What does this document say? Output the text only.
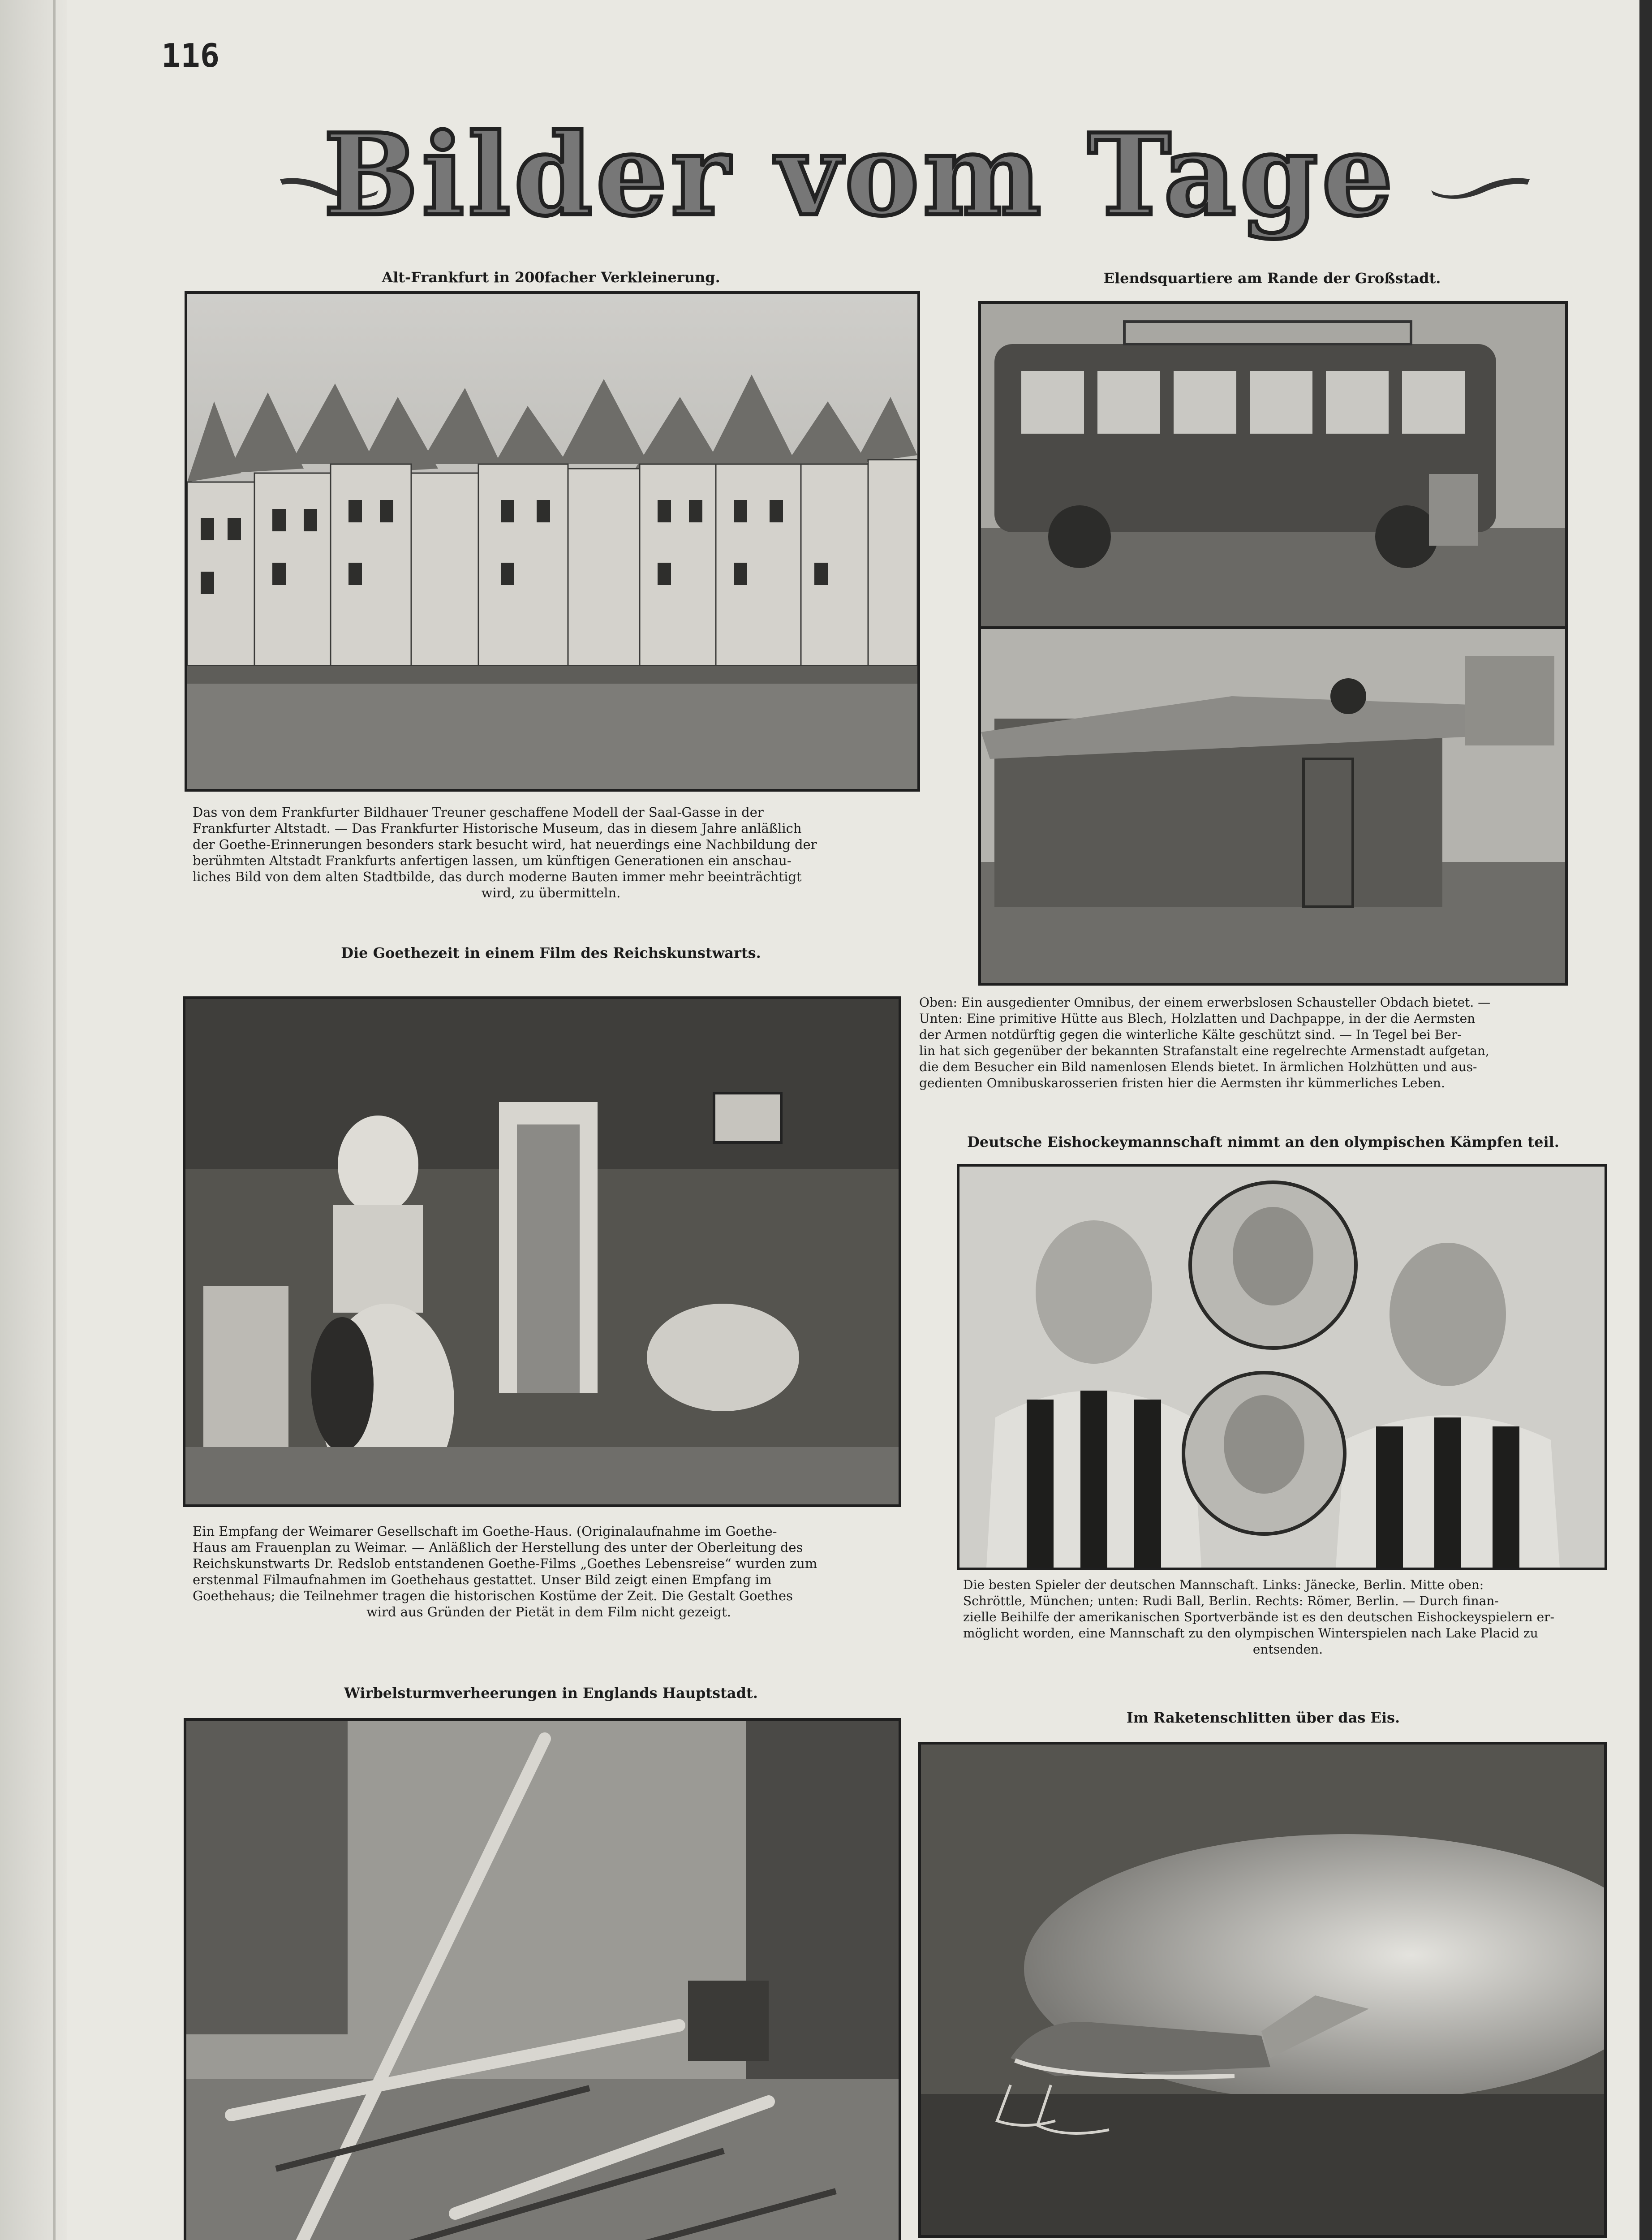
116
Bilder vom Tage
Alt-Frankfurt in 200facher Verkleinerung.
Das von dem Frankfurter Bildhauer Treuner geschaffene Modell der Saal-Gasse in der
Frankfurter Altstadt. — Das Frankfurter Historische Museum, das in diesem Jahre anläßlich
der Goethe-Erinnerungen besonders stark besucht wird, hat neuerdings eine Nachbildung der
berühmten Altstadt Frankfurts anfertigen lassen, um künftigen Generationen ein anschau-
liches Bild von dem alten Stadtbilde, das durch moderne Bauten immer mehr beeinträchtigt
wird, zu übermitteln.
Elendsquartiere am Rande der Großstadt.
Oben: Ein ausgedienter Omnibus, der einem erwerbslosen Schausteller Obdach bietet. —
Unten: Eine primitive Hütte aus Blech, Holzlatten und Dachpappe, in der die Aermsten
der Armen notdürftig gegen die winterliche Kälte geschützt sind. — In Tegel bei Ber-
lin hat sich gegenüber der bekannten Strafanstalt eine regelrechte Armenstadt aufgetan,
die dem Besucher ein Bild namenlosen Elends bietet. In ärmlichen Holzhütten und aus-
gedienten Omnibuskarosserien fristen hier die Aermsten ihr kümmerliches Leben.
Die Goethezeit in einem Film des Reichskunstwarts.
Ein Empfang der Weimarer Gesellschaft im Goethe-Haus. (Originalaufnahme im Goethe-
Haus am Frauenplan zu Weimar. — Anläßlich der Herstellung des unter der Oberleitung des
Reichskunstwarts Dr. Redslob entstandenen Goethe-Films „Goethes Lebensreise“ wurden zum
erstenmal Filmaufnahmen im Goethehaus gestattet. Unser Bild zeigt einen Empfang im
Goethehaus; die Teilnehmer tragen die historischen Kostüme der Zeit. Die Gestalt Goethes
wird aus Gründen der Pietät in dem Film nicht gezeigt.
Deutsche Eishockeymannschaft nimmt an den olympischen Kämpfen teil.
Die besten Spieler der deutschen Mannschaft. Links: Jänecke, Berlin. Mitte oben:
Schröttle, München; unten: Rudi Ball, Berlin. Rechts: Römer, Berlin. — Durch finan-
zielle Beihilfe der amerikanischen Sportverbände ist es den deutschen Eishockeyspielern er-
möglicht worden, eine Mannschaft zu den olympischen Winterspielen nach Lake Placid zu
entsenden.
Wirbelsturmverheerungen in Englands Hauptstadt.
Im Raketenschlitten über das Eis.
